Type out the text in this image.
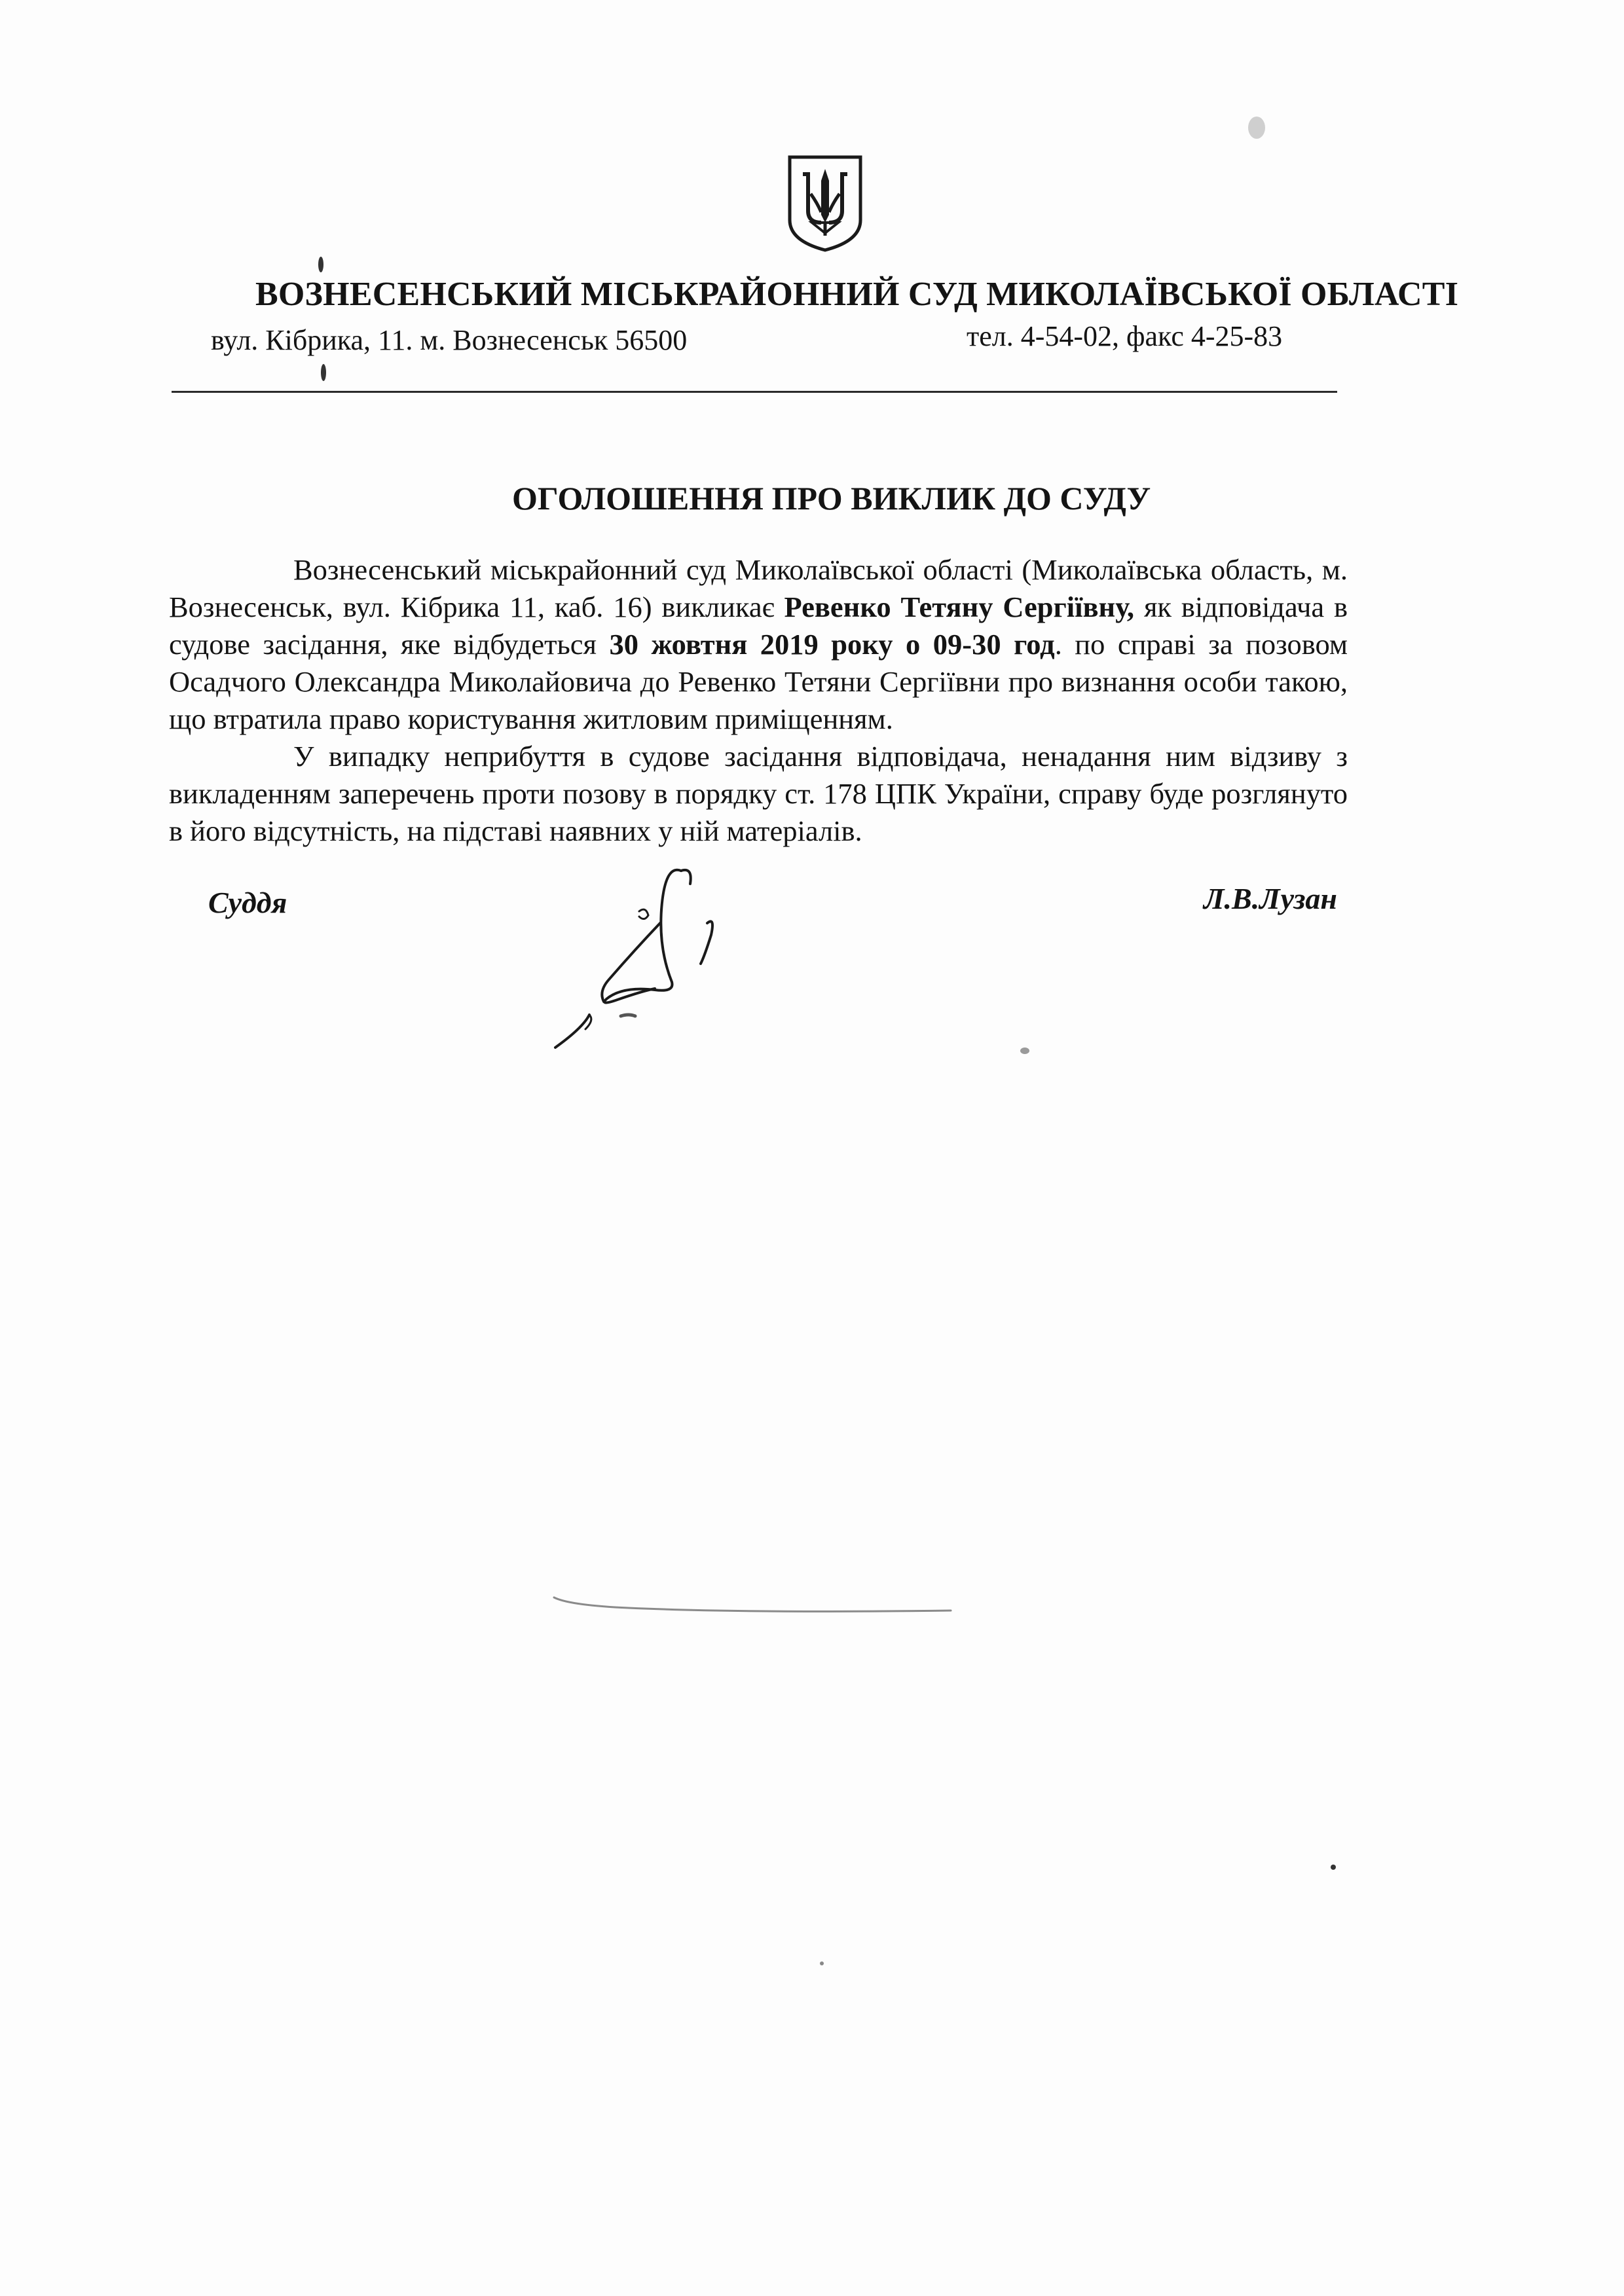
ВОЗНЕСЕНСЬКИЙ МІСЬКРАЙОННИЙ СУД МИКОЛАЇВСЬКОЇ ОБЛАСТІ
вул. Кібрика, 11. м. Вознесенськ 56500	тел. 4-54-02, факс 4-25-83
ОГОЛОШЕННЯ ПРО ВИКЛИК ДО СУДУ

Вознесенський міськрайонний суд Миколаївської області (Миколаївська область, м. Вознесенськ, вул. Кібрика 11, каб. 16) викликає Ревенко Тетяну Сергіївну, як відповідача в судове засідання, яке відбудеться 30 жовтня 2019 року о 09-30 год. по справі за позовом Осадчого Олександра Миколайовича до Ревенко Тетяни Сергіївни про визнання особи такою, що втратила право користування житловим приміщенням.

У випадку неприбуття в судове засідання відповідача, ненадання ним відзиву з викладенням заперечень проти позову в порядку ст. 178 ЦПК України, справу буде розглянуто в його відсутність, на підставі наявних у ній матеріалів.

Суддя	Л.В.Лузан
